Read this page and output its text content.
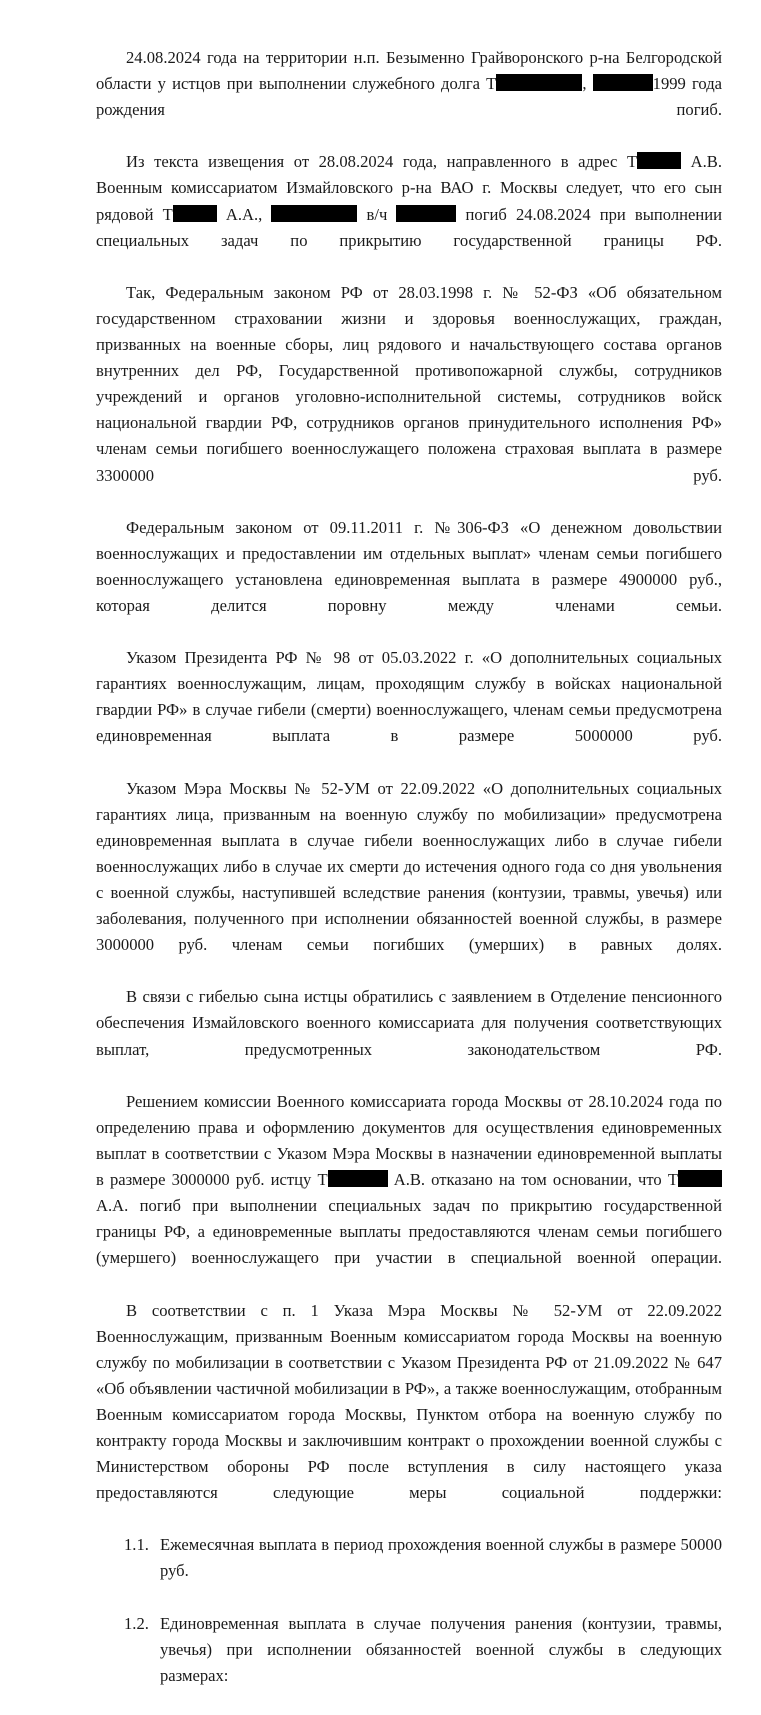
24.08.2024 года на территории н.п. Безыменно Грайворонского р-на Белгородской области у истцов при выполнении служебного долга Т	,	1999 года рождения погиб.

Из текста извещения от 28.08.2024 года, направленного в адрес Т	А.В. Военным комиссариатом Измайловского р-на ВАО г. Москвы следует, что его сын рядовой Т	А.А.,	в/ч	погиб 24.08.2024 при выполнении специальных задач по прикрытию государственной границы РФ.

Так, Федеральным законом РФ от 28.03.1998 г. № 52-ФЗ «Об обязательном государственном страховании жизни и здоровья военнослужащих, граждан, призванных на военные сборы, лиц рядового и начальствующего состава органов внутренних дел РФ, Государственной противопожарной службы, сотрудников учреждений и органов уголовно-исполнительной системы, сотрудников войск национальной гвардии РФ, сотрудников органов принудительного исполнения РФ» членам семьи погибшего военнослужащего положена страховая выплата в размере 3300000 руб.

Федеральным законом от 09.11.2011 г. №306-ФЗ «О денежном довольствии военнослужащих и предоставлении им отдельных выплат» членам семьи погибшего военнослужащего установлена единовременная выплата в размере 4900000 руб., которая делится поровну между членами семьи.

Указом Президента РФ № 98 от 05.03.2022 г. «О дополнительных социальных гарантиях военнослужащим, лицам, проходящим службу в войсках национальной гвардии РФ» в случае гибели (смерти) военнослужащего, членам семьи предусмотрена единовременная выплата в размере 5000000 руб.

Указом Мэра Москвы № 52-УМ от 22.09.2022 «О дополнительных социальных гарантиях лица, призванным на военную службу по мобилизации» предусмотрена единовременная выплата в случае гибели военнослужащих либо в случае гибели военнослужащих либо в случае их смерти до истечения одного года со дня увольнения с военной службы, наступившей вследствие ранения (контузии, травмы, увечья) или заболевания, полученного при исполнении обязанностей военной службы, в размере 3000000 руб. членам семьи погибших (умерших) в равных долях.

В связи с гибелью сына истцы обратились с заявлением в Отделение пенсионного обеспечения Измайловского военного комиссариата для получения соответствующих выплат, предусмотренных законодательством РФ.

Решением комиссии Военного комиссариата города Москвы от 28.10.2024 года по определению права и оформлению документов для осуществления единовременных выплат в соответствии с Указом Мэра Москвы в назначении единовременной выплаты в размере 3000000 руб. истцу Т	А.В. отказано на том основании, что Т А.А. погиб при выполнении специальных задач по прикрытию государственной границы РФ, а единовременные выплаты предоставляются членам семьи погибшего (умершего) военнослужащего при участии в специальной военной операции.

В соответствии с п. 1 Указа Мэра Москвы № 52-УМ от 22.09.2022 Военнослужащим, призванным Военным комиссариатом города Москвы на военную службу по мобилизации в соответствии с Указом Президента РФ от 21.09.2022 № 647 «Об объявлении частичной мобилизации в РФ», а также военнослужащим, отобранным Военным комиссариатом города Москвы, Пунктом отбора на военную службу по контракту города Москвы и заключившим контракт о прохождении военной службы с Министерством обороны РФ после вступления в силу настоящего указа предоставляются следующие меры социальной поддержки:

1.1. Ежемесячная выплата в период прохождения военной службы в размере 50000 руб.
1.2. Единовременная выплата в случае получения ранения (контузии, травмы, увечья) при исполнении обязанностей военной службы в следующих размерах:
